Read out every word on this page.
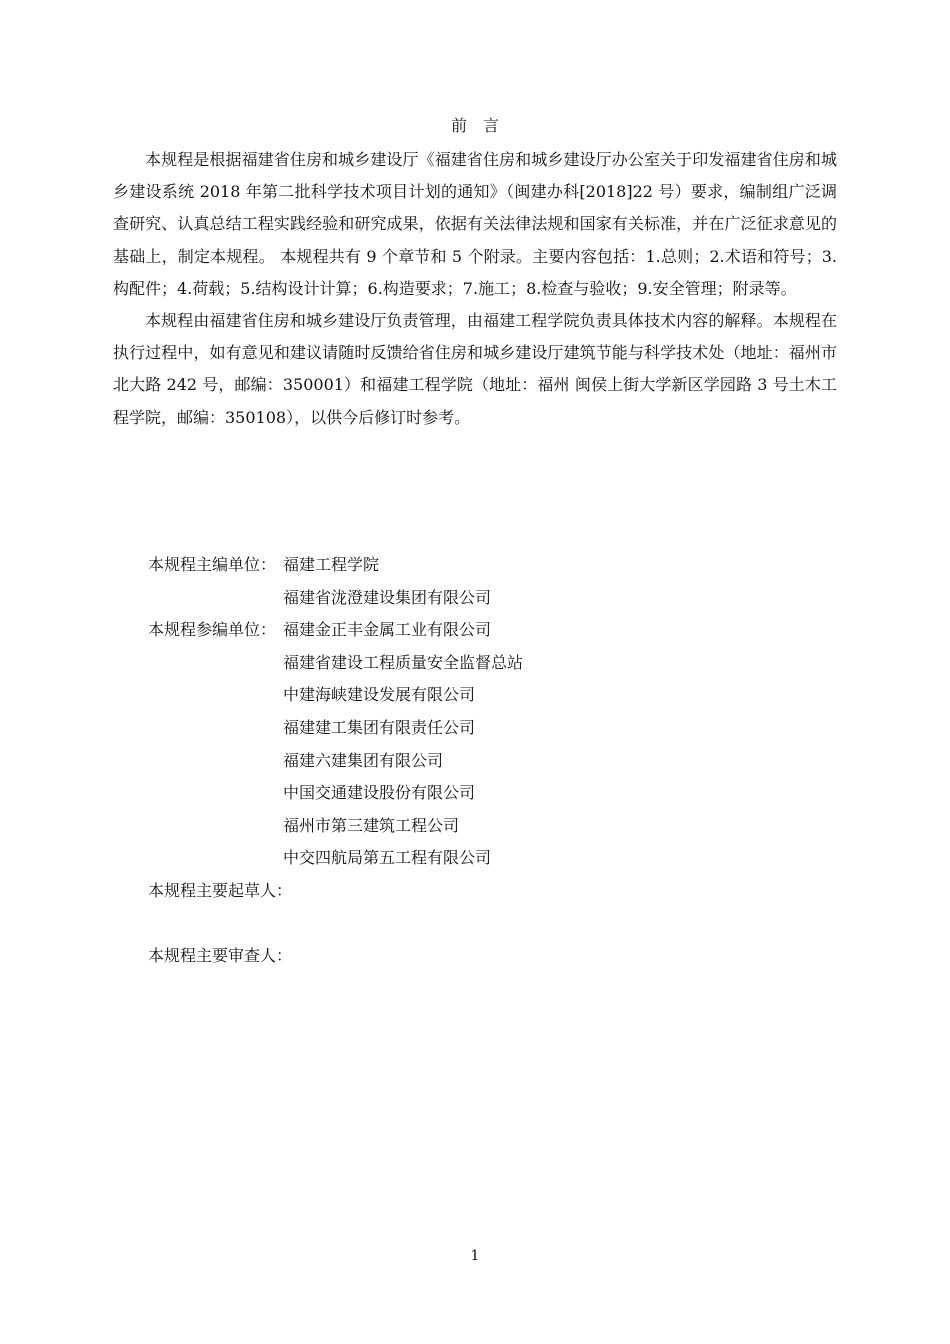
前　言

本规程是根据福建省住房和城乡建设厅《福建省住房和城乡建设厅办公室关于印发福建省住房和城乡建设系统 2018 年第二批科学技术项目计划的通知》（闽建办科[2018]22 号）要求，编制组广泛调查研究、认真总结工程实践经验和研究成果，依据有关法律法规和国家有关标准，并在广泛征求意见的基础上，制定本规程。 本规程共有 9 个章节和 5 个附录。主要内容包括：1.总则；2.术语和符号；3.构配件；4.荷载；5.结构设计计算；6.构造要求；7.施工；8.检查与验收；9.安全管理；附录等。

本规程由福建省住房和城乡建设厅负责管理，由福建工程学院负责具体技术内容的解释。本规程在执行过程中，如有意见和建议请随时反馈给省住房和城乡建设厅建筑节能与科学技术处（地址：福州市北大路 242 号，邮编：350001）和福建工程学院（地址：福州 闽侯上街大学新区学园路 3 号土木工程学院，邮编：350108），以供今后修订时参考。

本规程主编单位： 福建工程学院
福建省泷澄建设集团有限公司
本规程参编单位： 福建金正丰金属工业有限公司
福建省建设工程质量安全监督总站
中建海峡建设发展有限公司
福建建工集团有限责任公司
福建六建集团有限公司
中国交通建设股份有限公司
福州市第三建筑工程公司
中交四航局第五工程有限公司
本规程主要起草人：
本规程主要审查人：
1
